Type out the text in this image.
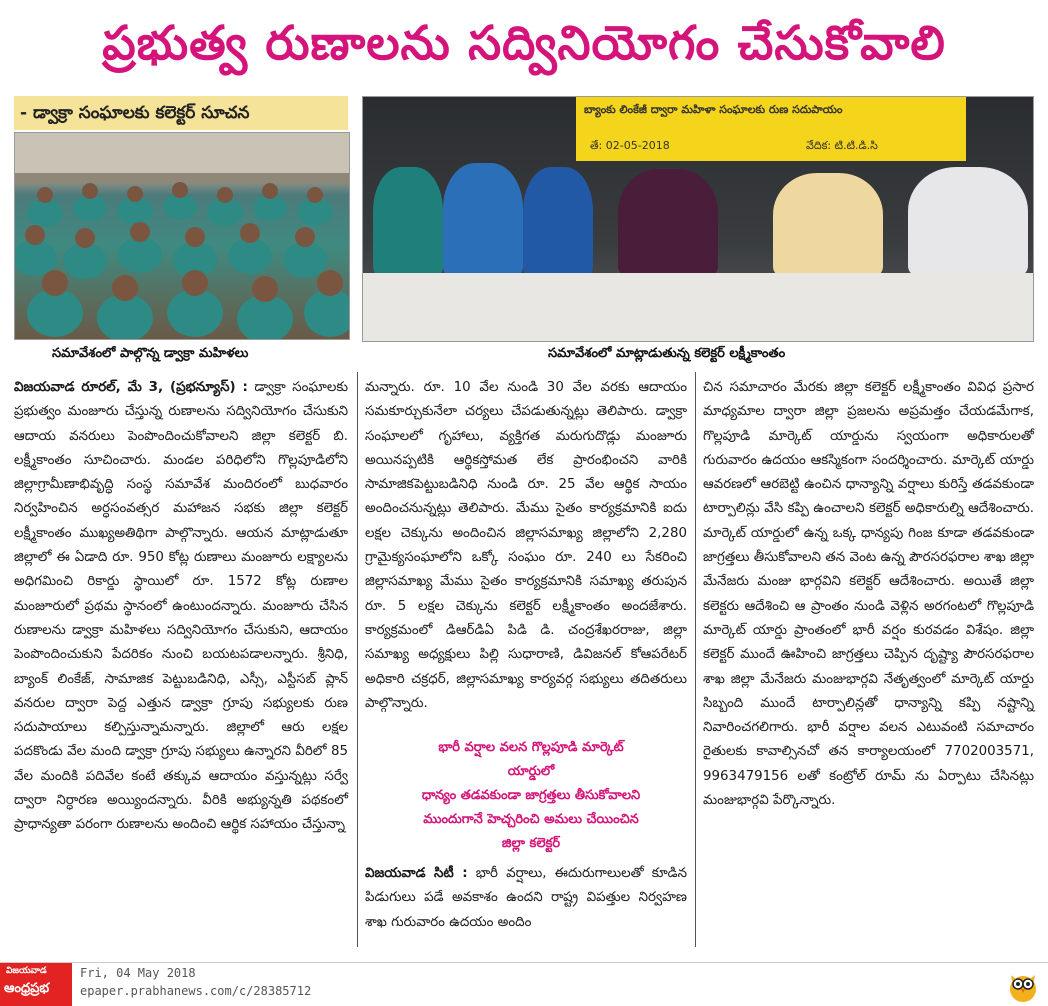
ప్రభుత్వ రుణాలను సద్వినియోగం చేసుకోవాలి
- డ్వాక్రా సంఘాలకు కలెక్టర్ సూచన	బ్యాంకు లింకేజీ ద్వారా మహిళా సంఘాలకు రుణ సదుపాయం
తే: 02-05-2018	వేదిక: టి.టి.డి.సి
సమావేశంలో పాల్గొన్న డ్వాక్రా మహిళలు	సమావేశంలో మాట్లాడుతున్న కలెక్టర్ లక్ష్మీకాంతం

విజయవాడ రూరల్, మే 3, (ప్రభన్యూస్) : డ్వాక్రా సంఘాలకు ప్రభుత్వం మంజూరు చేస్తున్న రుణాలను సద్వినియోగం చేసుకుని ఆదాయ వనరులు పెంపొందించుకోవాలని జిల్లా కలెక్టర్ బి. లక్ష్మీకాంతం సూచించారు. మండల పరిధిలోని గొల్లపూడిలోని జిల్లాగ్రామీణాభివృద్ధి సంస్థ సమావేశ మందిరంలో బుధవారం నిర్వహించిన అర్ధసంవత్సర మహాజన సభకు జిల్లా కలెక్టర్ లక్ష్మీకాంతం ముఖ్యఅతిథిగా పాల్గొన్నారు. ఆయన మాట్లాడుతూ జిల్లాలో ఈ ఏడాది రూ. 950 కోట్ల రుణాలు మంజూరు లక్ష్యాలను అధిగమించి రికార్డు స్థాయిలో రూ. 1572 కోట్ల రుణాల మంజూరులో ప్రథమ స్థానంలో ఉంటుందన్నారు. మంజూరు చేసిన రుణాలను డ్వాక్రా మహిళలు సద్వినియోగం చేసుకుని, ఆదాయం పెంపొందించుకుని పేదరికం నుంచి బయటపడాలన్నారు. శ్రీనిధి, బ్యాంక్ లింకేజ్, సామాజిక పెట్టుబడినిధి, ఎస్సీ, ఎస్టీసబ్ ప్లాన్ వనరుల ద్వారా పెద్ద ఎత్తున డ్వాక్రా గ్రూపు సభ్యులకు రుణ సదుపాయాలు కల్పిస్తున్నామన్నారు. జిల్లాలో ఆరు లక్షల పదకొండు వేల మంది డ్వాక్రా గ్రూపు సభ్యులు ఉన్నారని వీరిలో 85 వేల మందికి పదివేల కంటే తక్కువ ఆదాయం వస్తున్నట్లు సర్వే ద్వారా నిర్ధారణ అయ్యిందన్నారు. వీరికి అభ్యున్నతి పథకంలో ప్రాధాన్యతా పరంగా రుణాలను అందించి ఆర్థిక సహాయం చేస్తున్నా

మన్నారు. రూ. 10 వేల నుండి 30 వేల వరకు ఆదాయం సమకూర్చుకునేలా చర్యలు చేపడుతున్నట్లు తెలిపారు. డ్వాక్రా సంఘాలలో గృహాలు, వ్యక్తిగత మరుగుదొడ్లు మంజూరు అయినప్పటికి ఆర్థికస్తోమత లేక ప్రారంభించని వారికి సామాజికపెట్టుబడినిధి నుండి రూ. 25 వేల ఆర్థిక సాయం అందించనున్నట్లు తెలిపారు. మేము సైతం కార్యక్రమానికి ఐదు లక్షల చెక్కును అందించిన జిల్లాసమాఖ్య జిల్లాలోని 2,280 గ్రామైక్యసంఘాలోని ఒక్కో సంఘం రూ. 240 లు సేకరించి జిల్లాసమాఖ్య మేము సైతం కార్యక్రమానికి సమాఖ్య తరుపున రూ. 5 లక్షల చెక్కును కలెక్టర్ లక్ష్మీకాంతం అందజేశారు. కార్యక్రమంలో డిఆర్‌డిఏ పిడి డి. చంద్రశేఖరరాజు, జిల్లా సమాఖ్య అధ్యక్షులు పిల్లి సుధారాణి, డివిజనల్ కోఆపరేటర్ అధికారి చక్రధర్, జిల్లాసమాఖ్య కార్యవర్గ సభ్యులు తదితరులు పాల్గొన్నారు.

భారీ వర్షాల వలన గొల్లపూడి మార్కెట్

యార్డులో

ధాన్యం తడవకుండా జాగ్రత్తలు తీసుకోవాలని

ముందుగానే హెచ్చరించి అమలు చేయించిన

జిల్లా కలెక్టర్

విజయవాడ సిటీ : భారీ వర్షాలు, ఈదురుగాలులతో కూడిన పిడుగులు పడే అవకాశం ఉందని రాష్ట్ర విపత్తుల నిర్వహణ శాఖ గురువారం ఉదయం అందిం

చిన సమాచారం మేరకు జిల్లా కలెక్టర్ లక్ష్మీకాంతం వివిధ ప్రసార మాధ్యమాల ద్వారా జిల్లా ప్రజలను అప్రమత్తం చేయడమేగాక, గొల్లపూడి మార్కెట్ యార్డును స్వయంగా అధికారులతో గురువారం ఉదయం ఆకస్మికంగా సందర్శించారు. మార్కెట్ యార్డు ఆవరణలో ఆరబెట్టి ఉంచిన ధాన్యాన్ని వర్షాలు కురిస్తే తడవకుండా టార్పాలిన్లు వేసి కప్పి ఉంచాలని కలెక్టర్ అధికారుల్ని ఆదేశించారు. మార్కెట్ యార్డులో ఉన్న ఒక్క ధాన్యపు గింజ కూడా తడవకుండా జాగ్రత్తలు తీసుకోవాలని తన వెంట ఉన్న పౌరసరఫరాల శాఖ జిల్లా మేనేజరు మంజు భార్గవిని కలెక్టర్ ఆదేశించారు. అయితే జిల్లా కలెక్టరు ఆదేశించి ఆ ప్రాంతం నుండి వెళ్లిన అరగంటలో గొల్లపూడి మార్కెట్ యార్డు ప్రాంతంలో భారీ వర్షం కురవడం విశేషం. జిల్లా కలెక్టర్ ముందే ఊహించి జాగ్రత్తలు చెప్పిన దృష్ట్యా పౌరసరఫరాల శాఖ జిల్లా మేనేజరు మంజుభార్గవి నేతృత్వంలో మార్కెట్ యార్డు సిబ్బంది ముందే టార్పాలిన్లతో ధాన్యాన్ని కప్పి నష్టాన్ని నివారించగలిగారు. భారీ వర్షాల వలన ఎటువంటి సమాచారం రైతులకు కావాల్సినచో తన కార్యాలయంలో 7702003571, 9963479156 లతో కంట్రోల్ రూమ్ ను ఏర్పాటు చేసినట్లు మంజుభార్గవి పేర్కొన్నారు.

విజయవాడ
ఆంధ్రప్రభ
Fri, 04 May 2018
epaper.prabhanews.com/c/28385712
